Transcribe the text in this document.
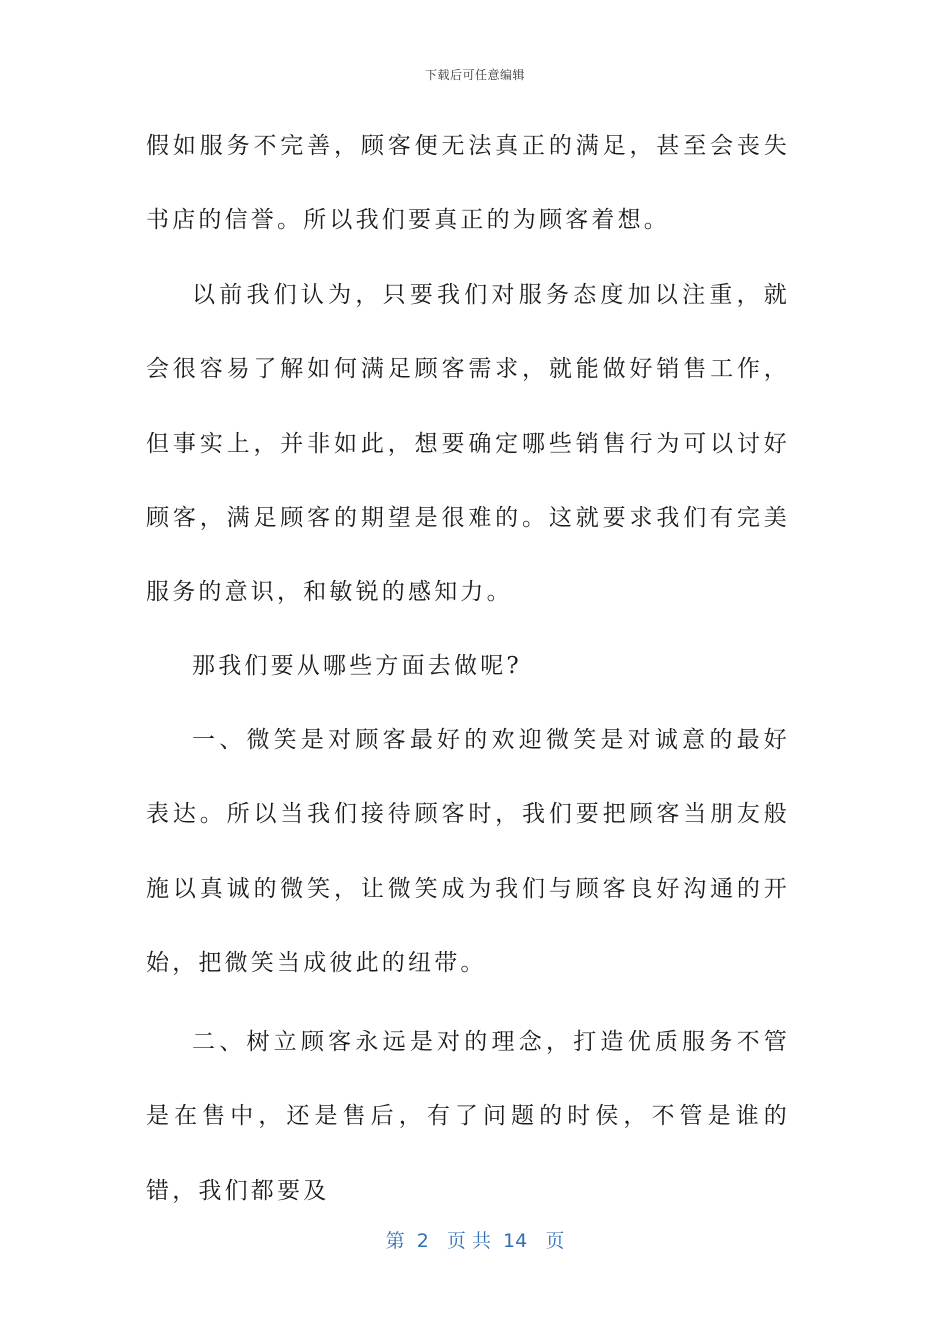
下载后可任意编辑

假如服务不完善，顾客便无法真正的满足，甚至会丧失书店的信誉。所以我们要真正的为顾客着想。

以前我们认为，只要我们对服务态度加以注重，就会很容易了解如何满足顾客需求，就能做好销售工作，但事实上，并非如此，想要确定哪些销售行为可以讨好顾客，满足顾客的期望是很难的。这就要求我们有完美服务的意识，和敏锐的感知力。

那我们要从哪些方面去做呢?

一、微笑是对顾客最好的欢迎微笑是对诚意的最好表达。所以当我们接待顾客时，我们要把顾客当朋友般施以真诚的微笑，让微笑成为我们与顾客良好沟通的开始，把微笑当成彼此的纽带。

二、树立顾客永远是对的理念，打造优质服务不管是在售中，还是售后，有了问题的时侯，不管是谁的错，我们都要及

第  2   页 共  14   页
